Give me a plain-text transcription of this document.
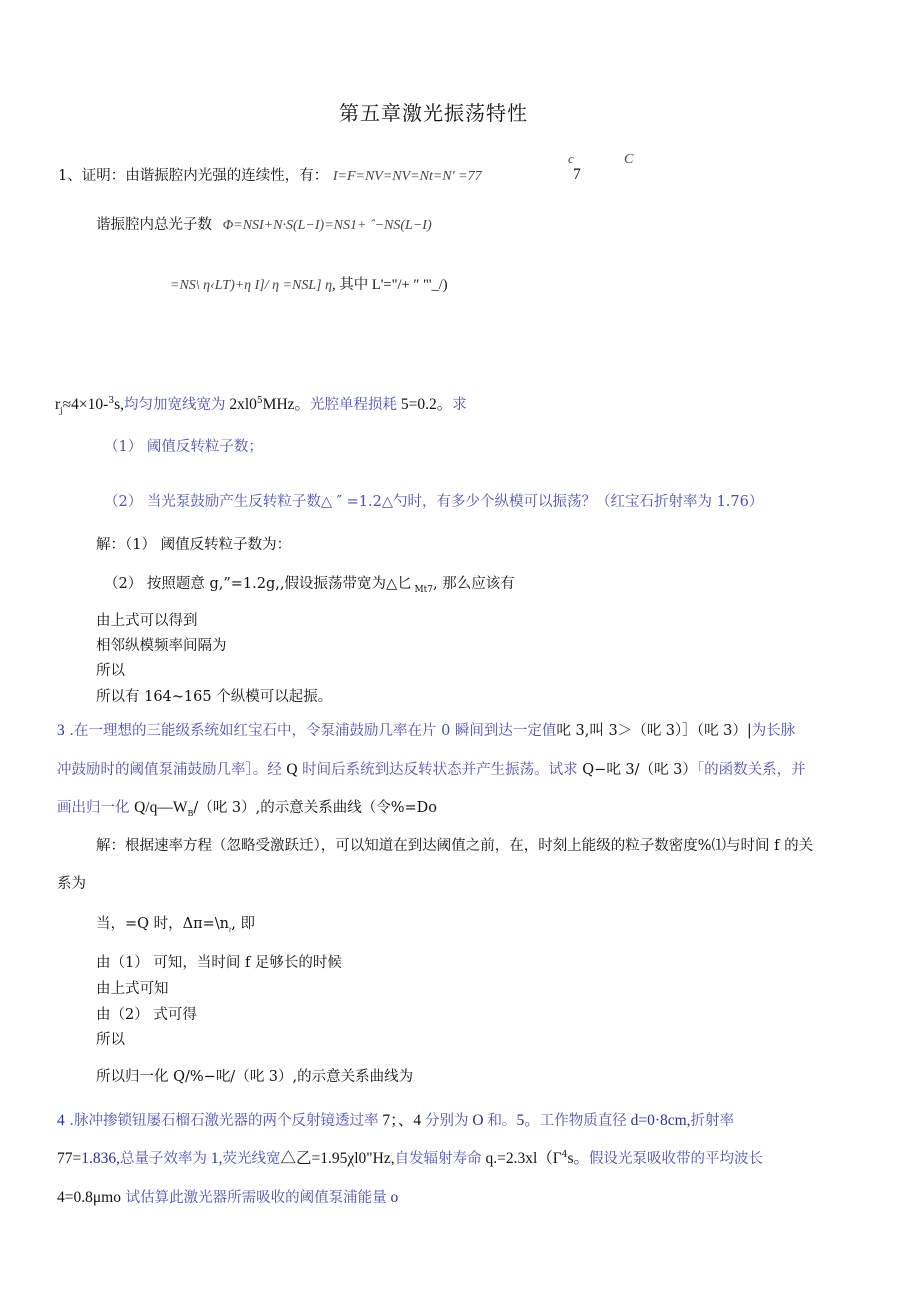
第五章激光振荡特性
c	C
1、证明：由谐振腔内光强的连续性，有： I=F=NV=NV=Nt=N' =77	7
谐振腔内总光子数 Φ=NSI+N·S(L−I)=NS1+ ˆ−NS(L−I)
=NS\ η‹LT)+η I]/ η =NSL] η, 其中 L'="/+ ″ "'_/)
$r_j\approx 4\times 10-^3s$,均匀加宽线宽为 $2xl0^5MHz$。光腔单程损耗 5=0.2。求
（1） 阈值反转粒子数；
（2） 当光泵鼓励产生反转粒子数△ ″ =1.2△勺时，有多少个纵模可以振荡？（红宝石折射率为 1.76）
解：（1） 阈值反转粒子数为：
（2） 按照题意 g,”=1.2g,,假设振荡带宽为△匕 $_{Mt7}$, 那么应该有
由上式可以得到
相邻纵模频率间隔为
所以
所以有 164~165 个纵模可以起振。
3 .在一理想的三能级系统如红宝石中，令泵浦鼓励几率在片 0 瞬间到达一定值叱 3,叫 3＞（叱 3）］（叱 3）|为长脉
冲鼓励时的阈值泵浦鼓励几率］。经 Q 时间后系统到达反转状态并产生振荡。试求 Q−叱 3/（叱 3）「的函数关系，并
画出归一化 $Q/q—W_B/$（叱 3）,的示意关系曲线（令%=Do
解：根据速率方程（忽略受激跃迁），可以知道在到达阈值之前，在，时刻上能级的粒子数密度%⑴与时间 f 的关
系为
当，=Q 时，$\Delta\pi=\backslash n_t$, 即
由（1） 可知，当时间 f 足够长的时候
由上式可知
由（2） 式可得
所以
所以归一化 Q/%−叱/（叱 3）,的示意关系曲线为
4 .脉冲掺锁钮屡石榴石激光器的两个反射镜透过率 7；、4 分别为 O 和。5。工作物质直径 d=0·8cm,折射率
77=1.836,总量子效率为 1,荧光线宽△乙=1.95χl0"Hz,自发辐射寿命 $q.=2.3xl(\Gamma^4s$。假设光泵吸收带的平均波长
4=0.8μmo 试估算此激光器所需吸收的阈值泵浦能量 o
